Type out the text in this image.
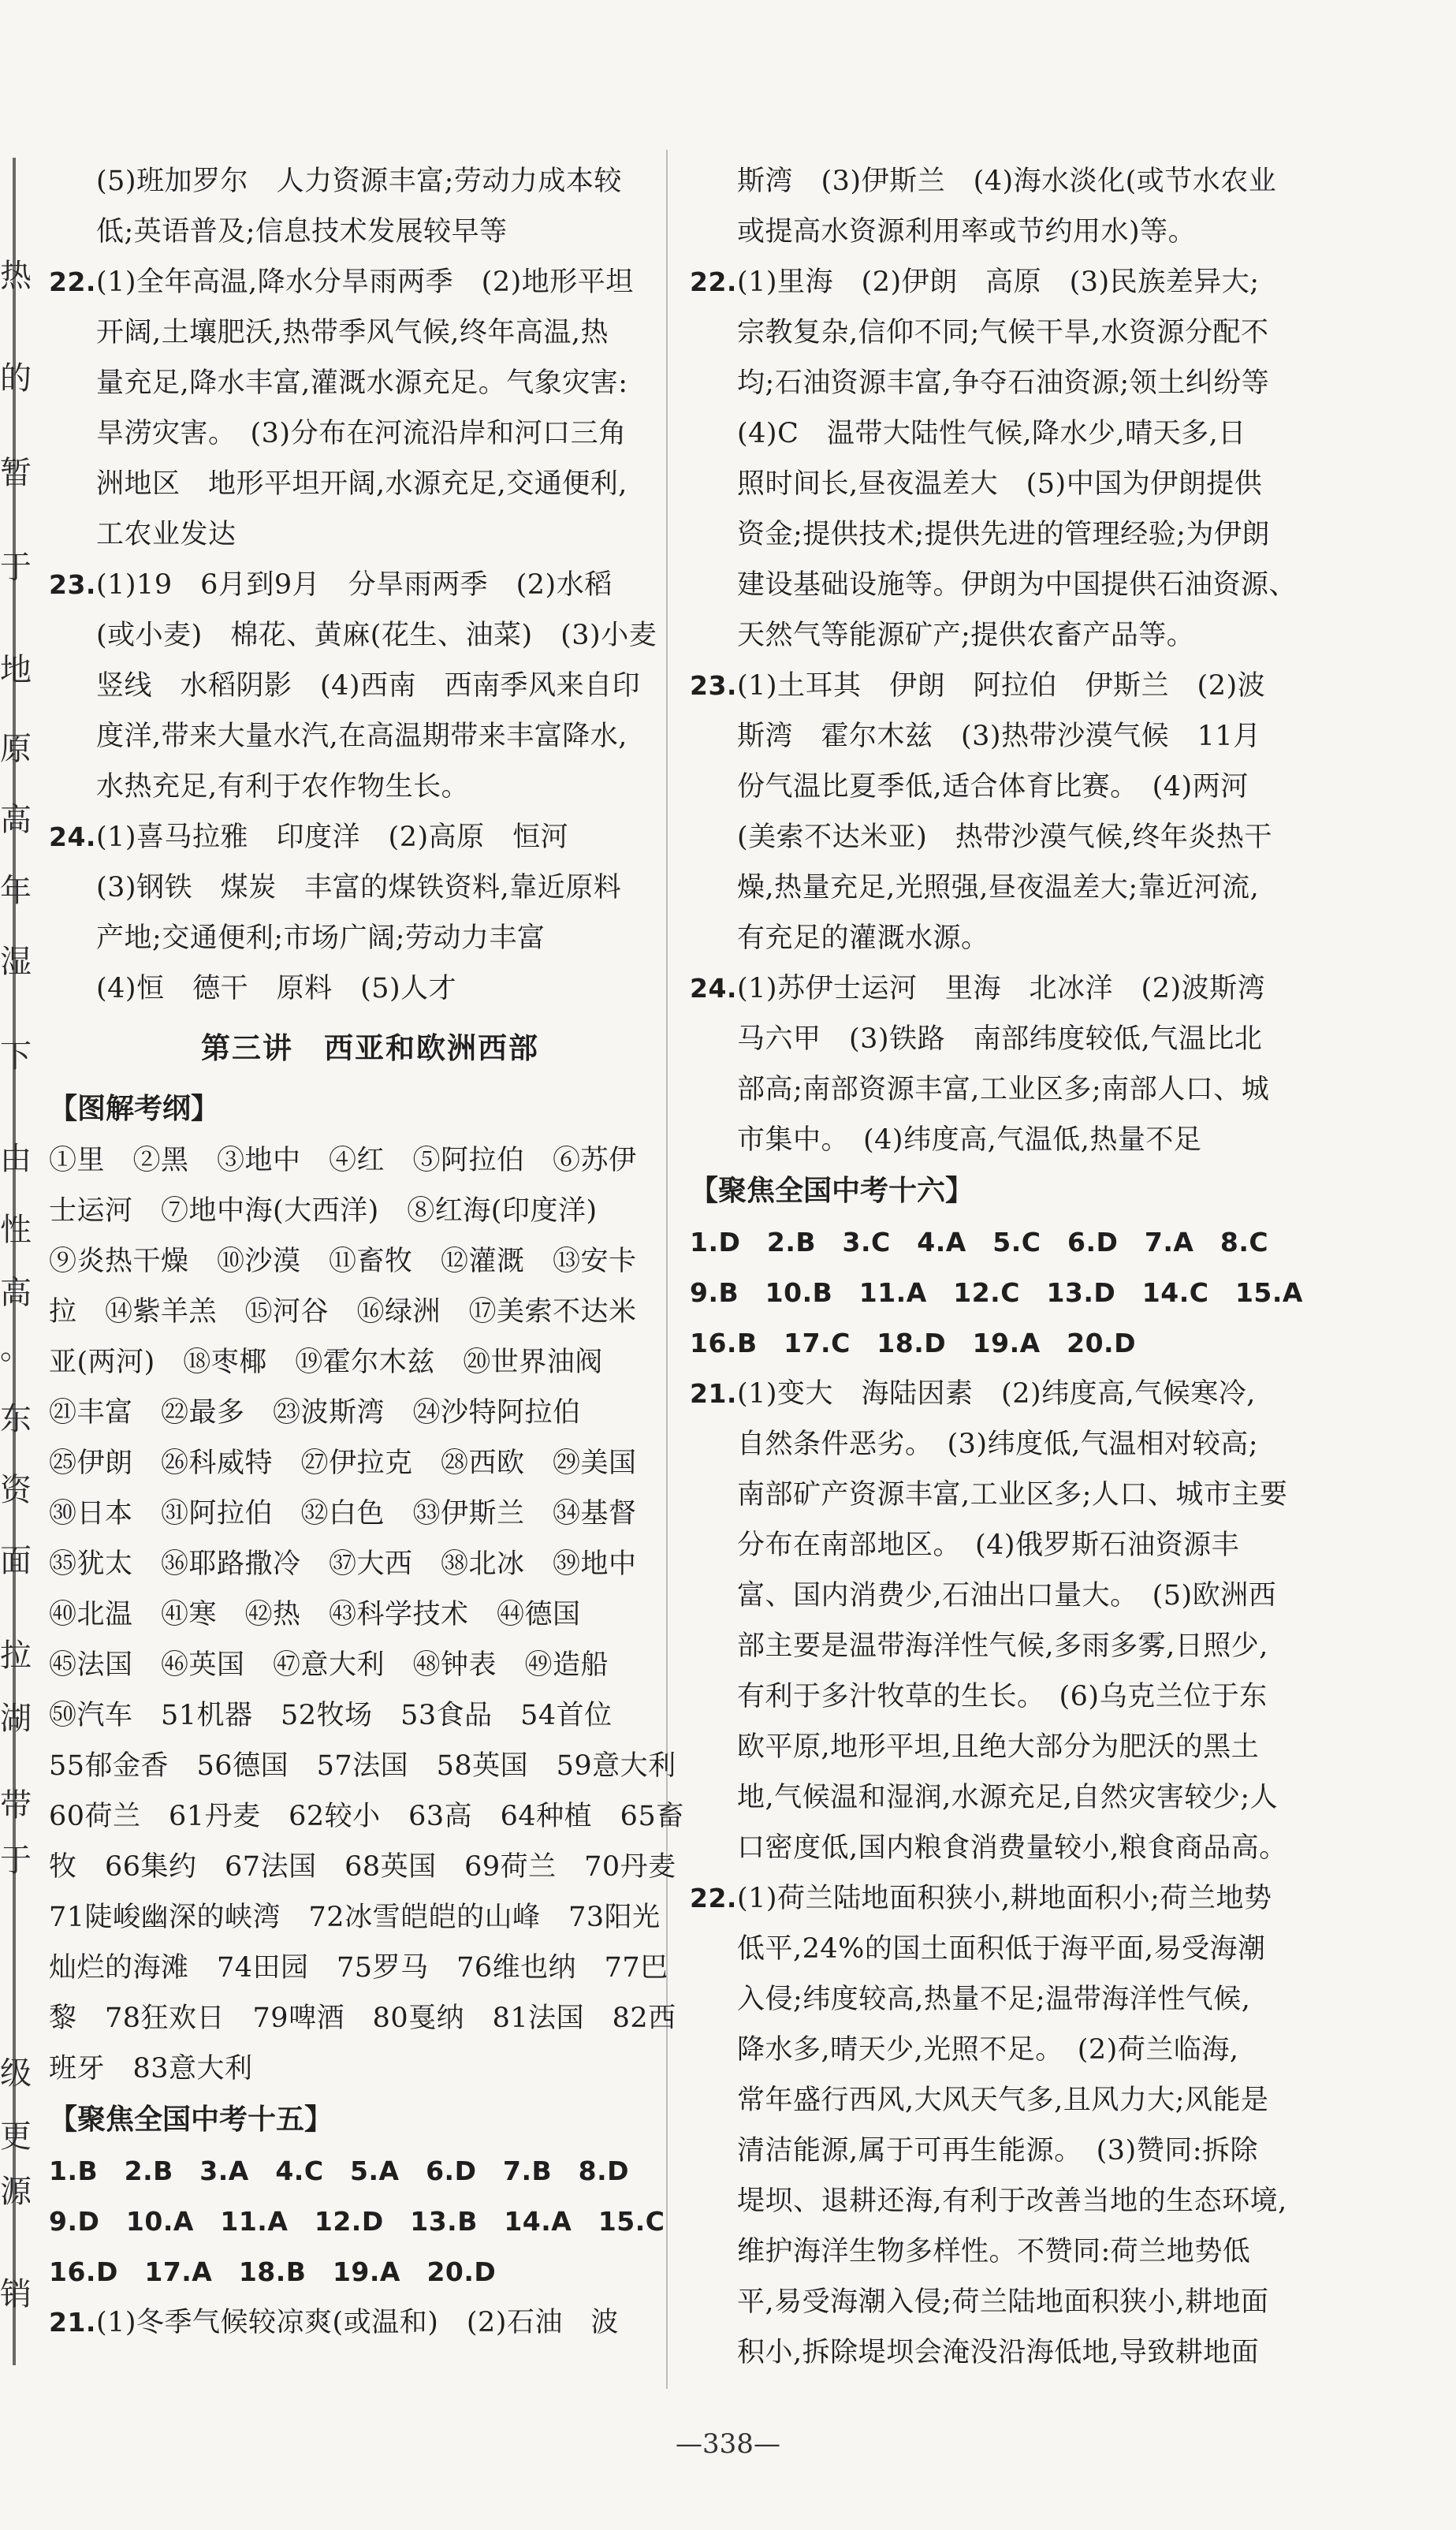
热
的
暂
于
地
原
高
年
湿
下
由
性
高
。
东
资
面
拉
湖
带
于
级
更
源
销
(5)班加罗尔　人力资源丰富;劳动力成本较
低;英语普及;信息技术发展较早等
22.(1)全年高温,降水分旱雨两季　(2)地形平坦
开阔,土壤肥沃,热带季风气候,终年高温,热
量充足,降水丰富,灌溉水源充足。气象灾害:
旱涝灾害。　(3)分布在河流沿岸和河口三角
洲地区　地形平坦开阔,水源充足,交通便利,
工农业发达
23.(1)19　6月到9月　分旱雨两季　(2)水稻
(或小麦)　棉花、黄麻(花生、油菜)　(3)小麦
竖线　水稻阴影　(4)西南　西南季风来自印
度洋,带来大量水汽,在高温期带来丰富降水,
水热充足,有利于农作物生长。
24.(1)喜马拉雅　印度洋　(2)高原　恒河
(3)钢铁　煤炭　丰富的煤铁资料,靠近原料
产地;交通便利;市场广阔;劳动力丰富
(4)恒　德干　原料　(5)人才
第三讲　西亚和欧洲西部
【图解考纲】
①里　②黑　③地中　④红　⑤阿拉伯　⑥苏伊
士运河　⑦地中海(大西洋)　⑧红海(印度洋)
⑨炎热干燥　⑩沙漠　⑪畜牧　⑫灌溉　⑬安卡
拉　⑭紫羊羔　⑮河谷　⑯绿洲　⑰美索不达米
亚(两河)　⑱枣椰　⑲霍尔木兹　⑳世界油阀
㉑丰富　㉒最多　㉓波斯湾　㉔沙特阿拉伯
㉕伊朗　㉖科威特　㉗伊拉克　㉘西欧　㉙美国
㉚日本　㉛阿拉伯　㉜白色　㉝伊斯兰　㉞基督
㉟犹太　㊱耶路撒冷　㊲大西　㊳北冰　㊴地中
㊵北温　㊶寒　㊷热　㊸科学技术　㊹德国
㊺法国　㊻英国　㊼意大利　㊽钟表　㊾造船
㊿汽车　51机器　52牧场　53食品　54首位
55郁金香　56德国　57法国　58英国　59意大利
60荷兰　61丹麦　62较小　63高　64种植　65畜
牧　66集约　67法国　68英国　69荷兰　70丹麦
71陡峻幽深的峡湾　72冰雪皑皑的山峰　73阳光
灿烂的海滩　74田园　75罗马　76维也纳　77巴
黎　78狂欢日　79啤酒　80戛纳　81法国　82西
班牙　83意大利
【聚焦全国中考十五】
1.B　2.B　3.A　4.C　5.A　6.D　7.B　8.D
9.D　10.A　11.A　12.D　13.B　14.A　15.C
16.D　17.A　18.B　19.A　20.D
21.(1)冬季气候较凉爽(或温和)　(2)石油　波
斯湾　(3)伊斯兰　(4)海水淡化(或节水农业
或提高水资源利用率或节约用水)等。
22.(1)里海　(2)伊朗　高原　(3)民族差异大;
宗教复杂,信仰不同;气候干旱,水资源分配不
均;石油资源丰富,争夺石油资源;领土纠纷等
(4)C　温带大陆性气候,降水少,晴天多,日
照时间长,昼夜温差大　(5)中国为伊朗提供
资金;提供技术;提供先进的管理经验;为伊朗
建设基础设施等。伊朗为中国提供石油资源、
天然气等能源矿产;提供农畜产品等。
23.(1)土耳其　伊朗　阿拉伯　伊斯兰　(2)波
斯湾　霍尔木兹　(3)热带沙漠气候　11月
份气温比夏季低,适合体育比赛。　(4)两河
(美索不达米亚)　热带沙漠气候,终年炎热干
燥,热量充足,光照强,昼夜温差大;靠近河流,
有充足的灌溉水源。
24.(1)苏伊士运河　里海　北冰洋　(2)波斯湾
马六甲　(3)铁路　南部纬度较低,气温比北
部高;南部资源丰富,工业区多;南部人口、城
市集中。　(4)纬度高,气温低,热量不足
【聚焦全国中考十六】
1.D　2.B　3.C　4.A　5.C　6.D　7.A　8.C
9.B　10.B　11.A　12.C　13.D　14.C　15.A
16.B　17.C　18.D　19.A　20.D
21.(1)变大　海陆因素　(2)纬度高,气候寒冷,
自然条件恶劣。　(3)纬度低,气温相对较高;
南部矿产资源丰富,工业区多;人口、城市主要
分布在南部地区。　(4)俄罗斯石油资源丰
富、国内消费少,石油出口量大。　(5)欧洲西
部主要是温带海洋性气候,多雨多雾,日照少,
有利于多汁牧草的生长。　(6)乌克兰位于东
欧平原,地形平坦,且绝大部分为肥沃的黑土
地,气候温和湿润,水源充足,自然灾害较少;人
口密度低,国内粮食消费量较小,粮食商品高。
22.(1)荷兰陆地面积狭小,耕地面积小;荷兰地势
低平,24%的国土面积低于海平面,易受海潮
入侵;纬度较高,热量不足;温带海洋性气候,
降水多,晴天少,光照不足。　(2)荷兰临海,
常年盛行西风,大风天气多,且风力大;风能是
清洁能源,属于可再生能源。　(3)赞同:拆除
堤坝、退耕还海,有利于改善当地的生态环境,
维护海洋生物多样性。不赞同:荷兰地势低
平,易受海潮入侵;荷兰陆地面积狭小,耕地面
积小,拆除堤坝会淹没沿海低地,导致耕地面
—338—
